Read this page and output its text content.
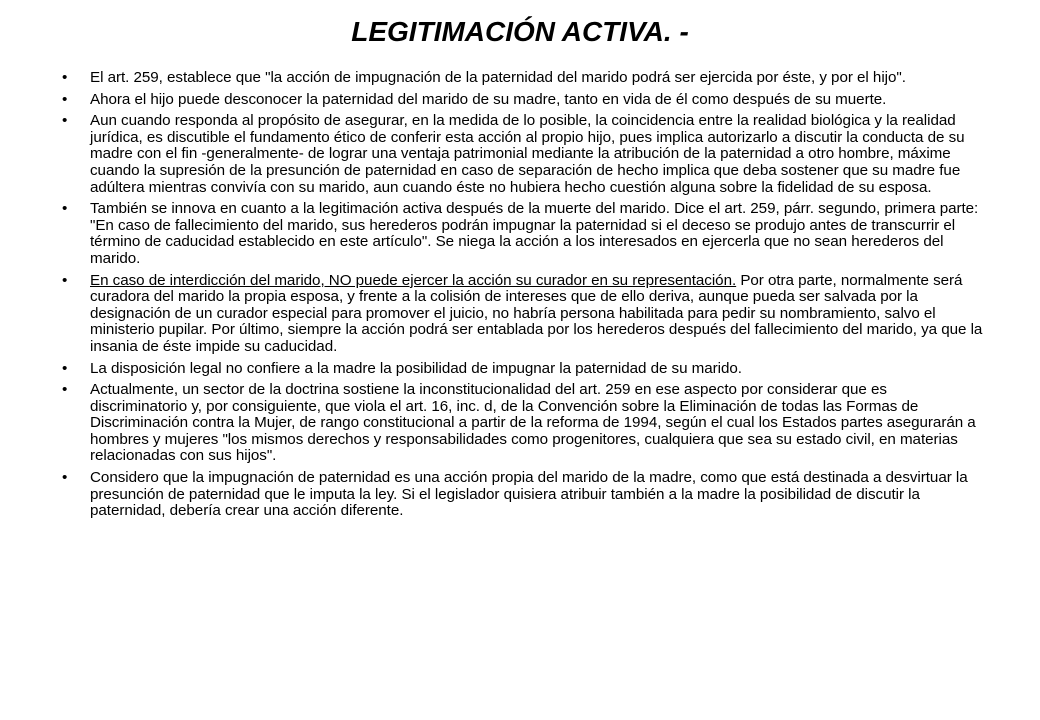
LEGITIMACIÓN ACTIVA. -
•	El art. 259, establece que "la acción de impugnación de la paternidad del marido podrá ser ejercida por éste, y por el hijo".
•	Ahora el hijo puede desconocer la paternidad del marido de su madre, tanto en vida de él como después de su muerte.
•	Aun cuando responda al propósito de asegurar, en la medida de lo posible, la coincidencia entre la realidad biológica y la realidad jurídica, es discutible el fundamento ético de conferir esta acción al propio hijo, pues implica autorizarlo a discutir la conducta de su madre con el fin -generalmente- de lograr una ventaja patrimonial mediante la atribución de la paternidad a otro hombre, máxime cuando la supresión de la presunción de paternidad en caso de separación de hecho implica que deba sostener que su madre fue adúltera mientras convivía con su marido, aun cuando éste no hubiera hecho cuestión alguna sobre la fidelidad de su esposa.
•	También se innova en cuanto a la legitimación activa después de la muerte del marido. Dice el art. 259, párr. segundo, primera parte: "En caso de fallecimiento del marido, sus herederos podrán impugnar la paternidad si el deceso se produjo antes de transcurrir el término de caducidad establecido en este artículo". Se niega la acción a los interesados en ejercerla que no sean herederos del marido.
•	En caso de interdicción del marido, NO puede ejercer la acción su curador en su representación. Por otra parte, normalmente será curadora del marido la propia esposa, y frente a la colisión de intereses que de ello deriva, aunque pueda ser salvada por la designación de un curador especial para promover el juicio, no habría persona habilitada para pedir su nombramiento, salvo el ministerio pupilar. Por último, siempre la acción podrá ser entablada por los herederos después del fallecimiento del marido, ya que la insania de éste impide su caducidad.
•	La disposición legal no confiere a la madre la posibilidad de impugnar la paternidad de su marido.
•	Actualmente, un sector de la doctrina sostiene la inconstitucionalidad del art. 259 en ese aspecto por considerar que es discriminatorio y, por consiguiente, que viola el art. 16, inc. d, de la Convención sobre la Eliminación de todas las Formas de Discriminación contra la Mujer, de rango constitucional a partir de la reforma de 1994, según el cual los Estados partes asegurarán a hombres y mujeres "los mismos derechos y responsabilidades como progenitores, cualquiera que sea su estado civil, en materias relacionadas con sus hijos".
•	Considero que la impugnación de paternidad es una acción propia del marido de la madre, como que está destinada a desvirtuar la presunción de paternidad que le imputa la ley. Si el legislador quisiera atribuir también a la madre la posibilidad de discutir la paternidad, debería crear una acción diferente.
